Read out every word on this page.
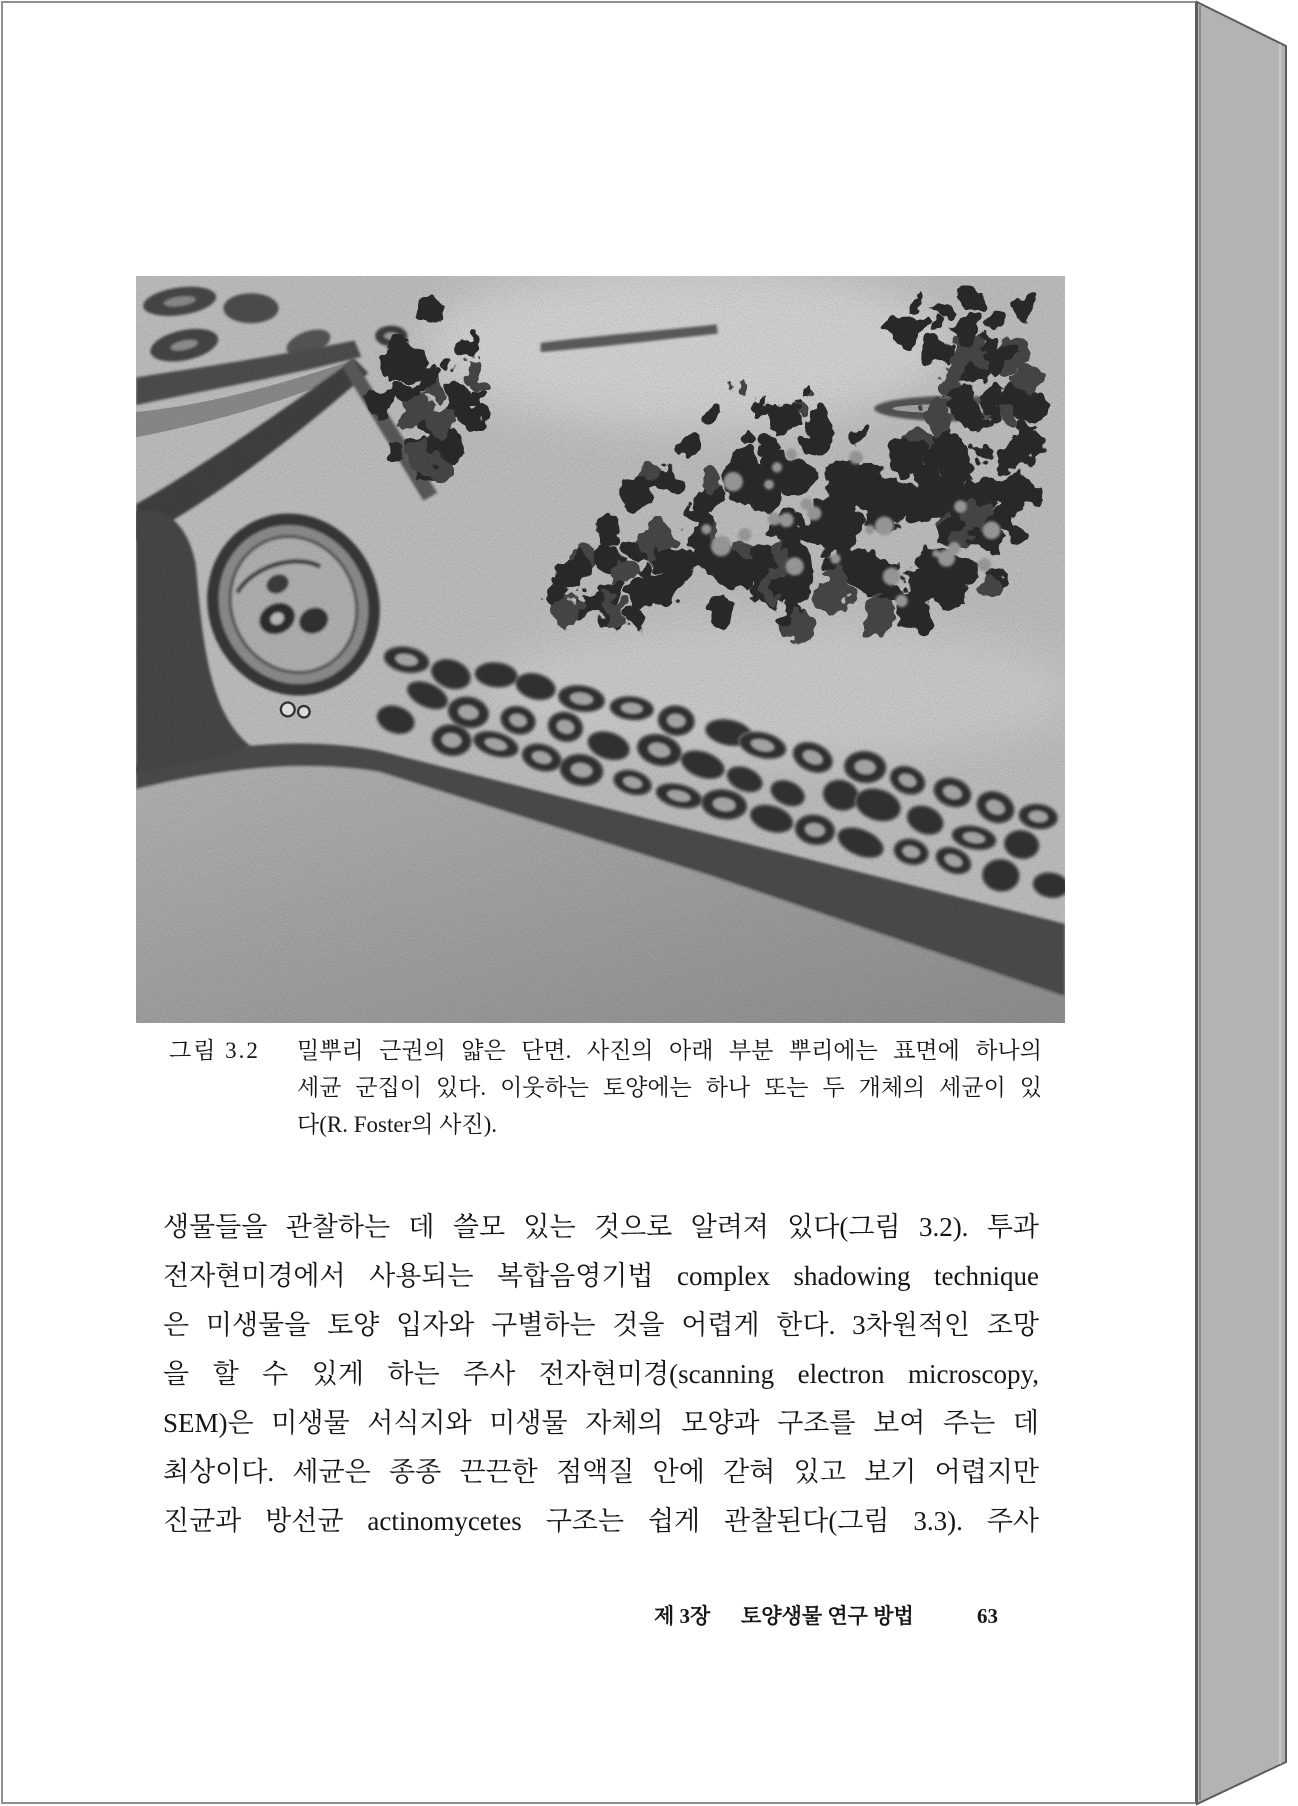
그림 3.2 밀뿌리 근권의 얇은 단면. 사진의 아래 부분 뿌리에는 표면에 하나의
세균 군집이 있다. 이웃하는 토양에는 하나 또는 두 개체의 세균이 있
다(R. Foster의 사진).
생물들을 관찰하는 데 쓸모 있는 것으로 알려져 있다(그림 3.2). 투과
전자현미경에서 사용되는 복합음영기법 complex shadowing technique
은 미생물을 토양 입자와 구별하는 것을 어렵게 한다. 3차원적인 조망
을 할 수 있게 하는 주사 전자현미경(scanning electron microscopy,
SEM)은 미생물 서식지와 미생물 자체의 모양과 구조를 보여 주는 데
최상이다. 세균은 종종 끈끈한 점액질 안에 갇혀 있고 보기 어렵지만
진균과 방선균 actinomycetes 구조는 쉽게 관찰된다(그림 3.3). 주사
제 3장 토양생물 연구 방법	63
